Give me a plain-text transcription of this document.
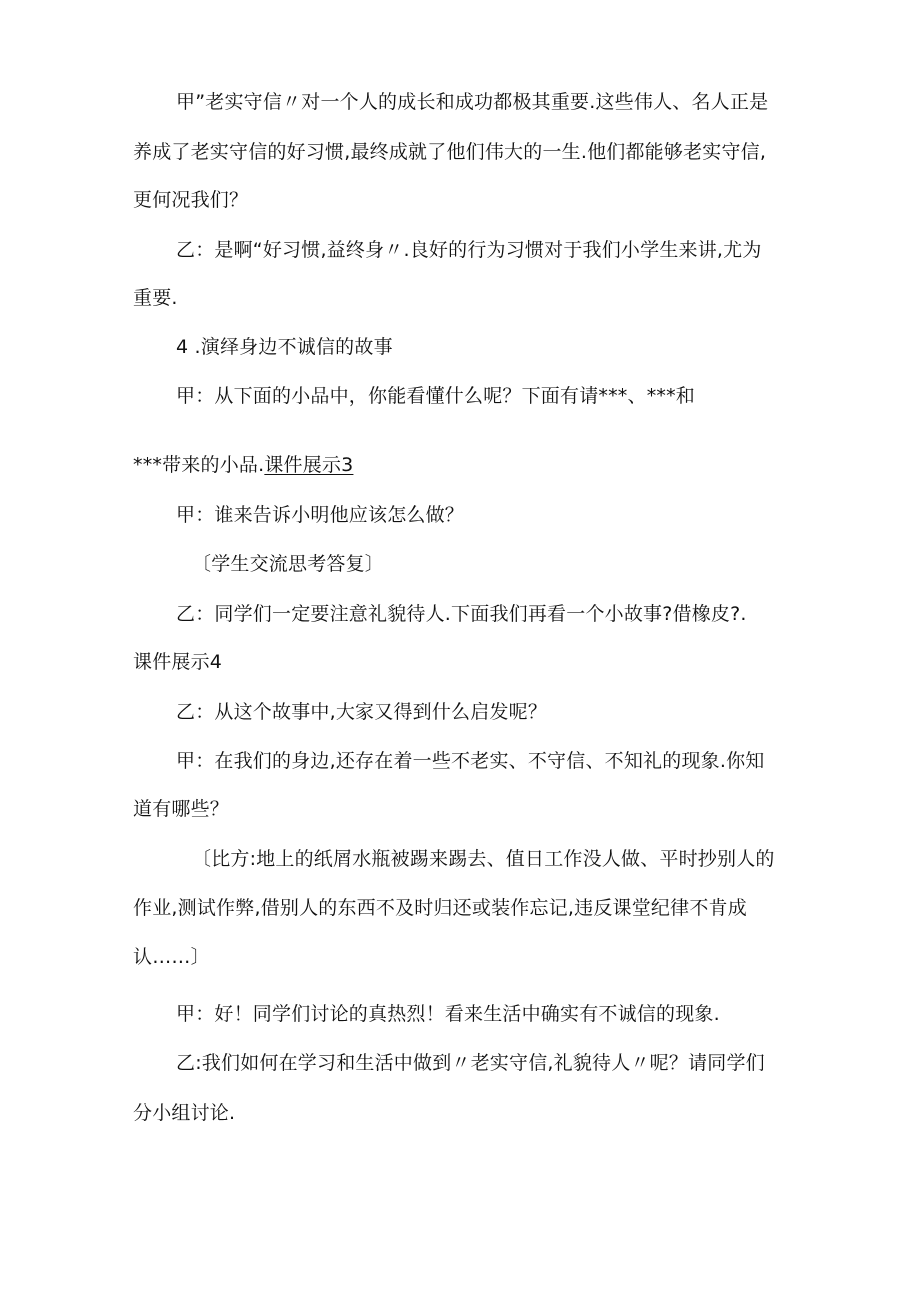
甲”老实守信〃对一个人的成长和成功都极其重要.这些伟人、名人正是
养成了老实守信的好习惯,最终成就了他们伟大的一生.他们都能够老实守信,
更何况我们？
乙：是啊“好习惯,益终身〃.良好的行为习惯对于我们小学生来讲,尤为
重要.
4 .演绎身边不诚信的故事
甲：从下面的小品中，你能看懂什么呢？下面有请***、***和
***带来的小品.课件展示3
甲：谁来告诉小明他应该怎么做？
〔学生交流思考答复〕
乙：同学们一定要注意礼貌待人.下面我们再看一个小故事?借橡皮?.
课件展示4
乙：从这个故事中,大家又得到什么启发呢？
甲：在我们的身边,还存在着一些不老实、不守信、不知礼的现象.你知
道有哪些？
〔比方:地上的纸屑水瓶被踢来踢去、值日工作没人做、平时抄别人的
作业,测试作弊,借别人的东西不及时归还或装作忘记,违反课堂纪律不肯成
认……〕
甲：好！同学们讨论的真热烈！看来生活中确实有不诚信的现象.
乙:我们如何在学习和生活中做到〃老实守信,礼貌待人〃呢？请同学们
分小组讨论.
